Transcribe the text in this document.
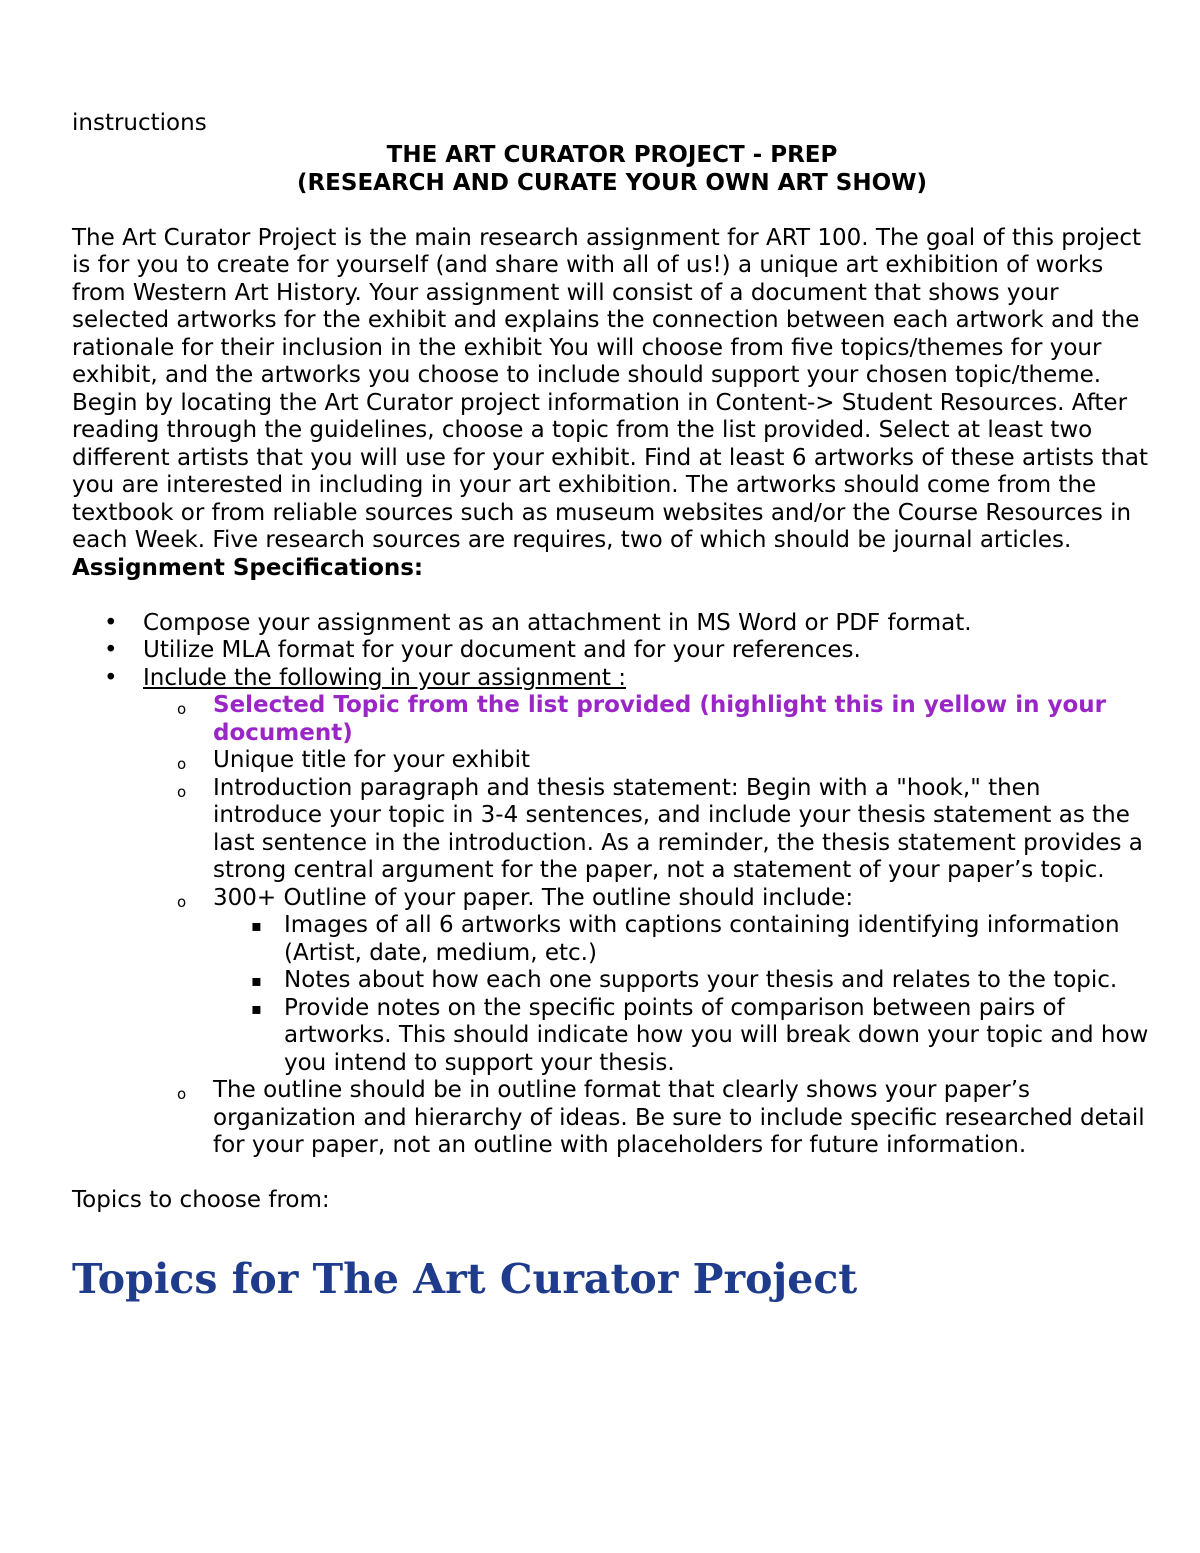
instructions

THE ART CURATOR PROJECT - PREP
(RESEARCH AND CURATE YOUR OWN ART SHOW)

The Art Curator Project is the main research assignment for ART 100. The goal of this project is for you to create for yourself (and share with all of us!) a unique art exhibition of works from Western Art History. Your assignment will consist of a document that shows your selected artworks for the exhibit and explains the connection between each artwork and the rationale for their inclusion in the exhibit You will choose from five topics/themes for your exhibit, and the artworks you choose to include should support your chosen topic/theme.

Begin by locating the Art Curator project information in Content-> Student Resources. After reading through the guidelines, choose a topic from the list provided. Select at least two different artists that you will use for your exhibit. Find at least 6 artworks of these artists that you are interested in including in your art exhibition. The artworks should come from the textbook or from reliable sources such as museum websites and/or the Course Resources in each Week. Five research sources are requires, two of which should be journal articles.

Assignment Specifications:

• Compose your assignment as an attachment in MS Word or PDF format.
• Utilize MLA format for your document and for your references.
• Include the following in your assignment :
o Selected Topic from the list provided (highlight this in yellow in your document)
o Unique title for your exhibit
o Introduction paragraph and thesis statement: Begin with a "hook," then introduce your topic in 3-4 sentences, and include your thesis statement as the last sentence in the introduction. As a reminder, the thesis statement provides a strong central argument for the paper, not a statement of your paper’s topic.
o 300+ Outline of your paper. The outline should include:
▪ Images of all 6 artworks with captions containing identifying information (Artist, date, medium, etc.)
▪ Notes about how each one supports your thesis and relates to the topic.
▪ Provide notes on the specific points of comparison between pairs of artworks. This should indicate how you will break down your topic and how you intend to support your thesis.
o The outline should be in outline format that clearly shows your paper’s organization and hierarchy of ideas. Be sure to include specific researched detail for your paper, not an outline with placeholders for future information.

Topics to choose from:

Topics for The Art Curator Project
